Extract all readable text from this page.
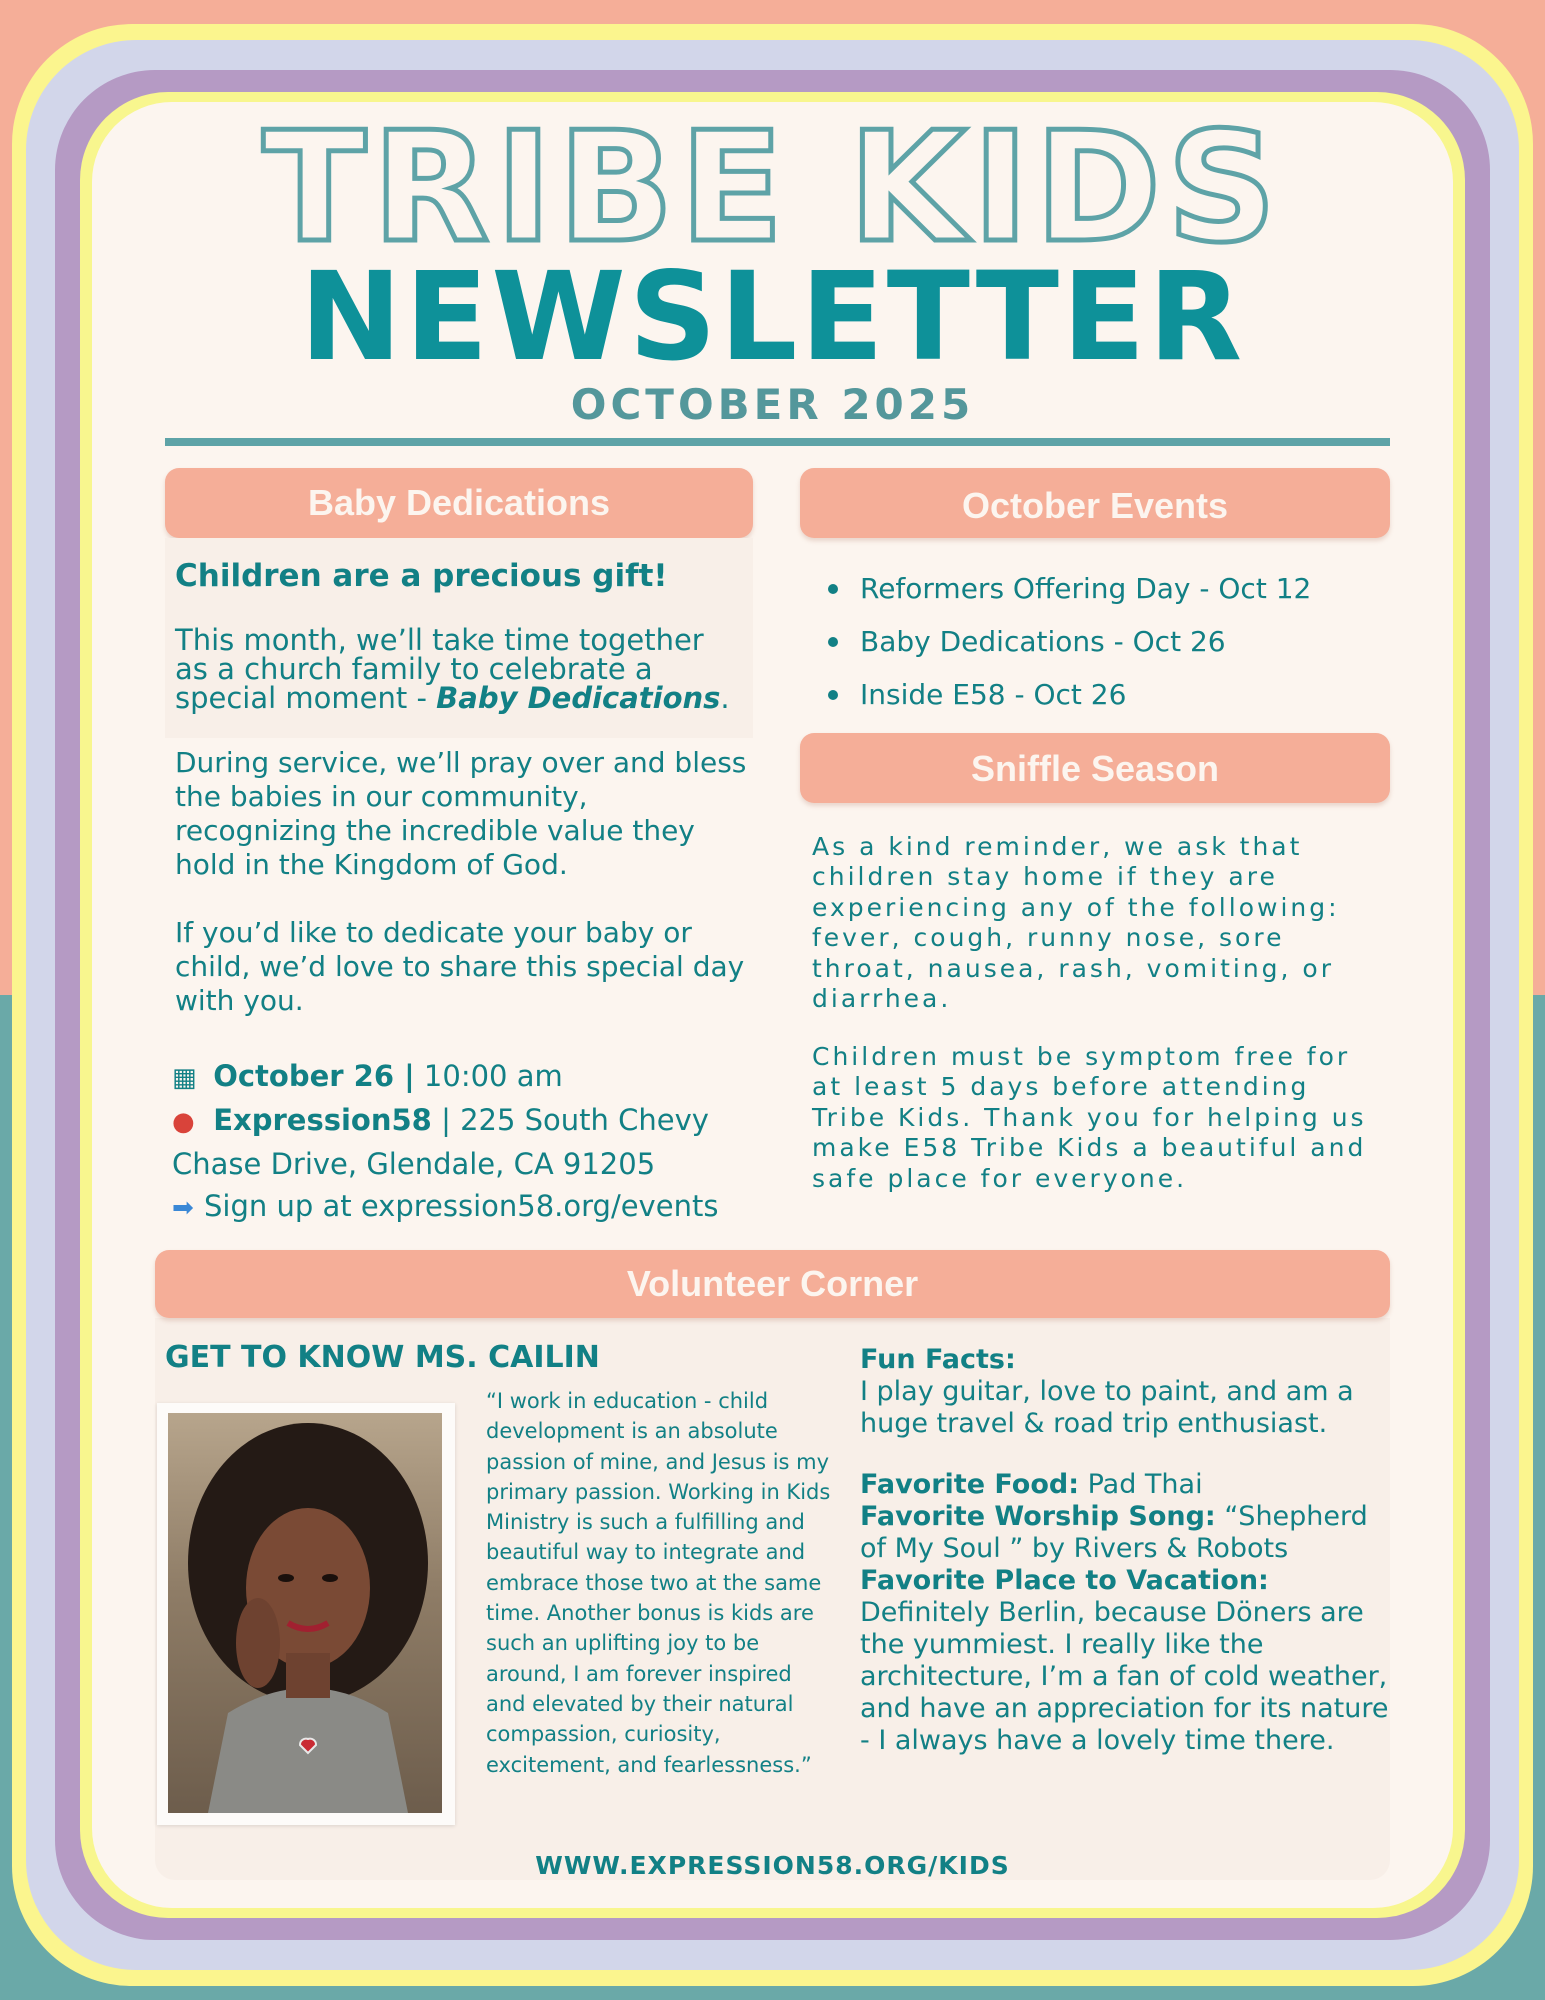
TRIBE KIDS
NEWSLETTER
OCTOBER 2025
Baby Dedications
Children are a precious gift!
This month, we’ll take time together as a church family to celebrate a special moment - Baby Dedications.
During service, we’ll pray over and bless the babies in our community, recognizing the incredible value they hold in the Kingdom of God.
If you’d like to dedicate your baby or child, we’d love to share this special day with you.
▦ October 26 | 10:00 am
● Expression58 | 225 South Chevy Chase Drive, Glendale, CA 91205
➡ Sign up at expression58.org/events
October Events
Reformers Offering Day - Oct 12
Baby Dedications - Oct 26
Inside E58 - Oct 26
Sniffle Season
As a kind reminder, we ask that children stay home if they are experiencing any of the following: fever, cough, runny nose, sore throat, nausea, rash, vomiting, or diarrhea.
Children must be symptom free for at least 5 days before attending Tribe Kids. Thank you for helping us make E58 Tribe Kids a beautiful and safe place for everyone.
Volunteer Corner
GET TO KNOW MS. CAILIN
“I work in education - child development is an absolute passion of mine, and Jesus is my primary passion. Working in Kids Ministry is such a fulfilling and beautiful way to integrate and embrace those two at the same time. Another bonus is kids are such an uplifting joy to be around, I am forever inspired and elevated by their natural compassion, curiosity, excitement, and fearlessness.”
Fun Facts:
I play guitar, love to paint, and am a huge travel & road trip enthusiast.
Favorite Food: Pad Thai
Favorite Worship Song: “Shepherd of My Soul ” by Rivers & Robots
Favorite Place to Vacation: Definitely Berlin, because Döners are the yummiest. I really like the architecture, I’m a fan of cold weather, and have an appreciation for its nature - I always have a lovely time there.
WWW.EXPRESSION58.ORG/KIDS
